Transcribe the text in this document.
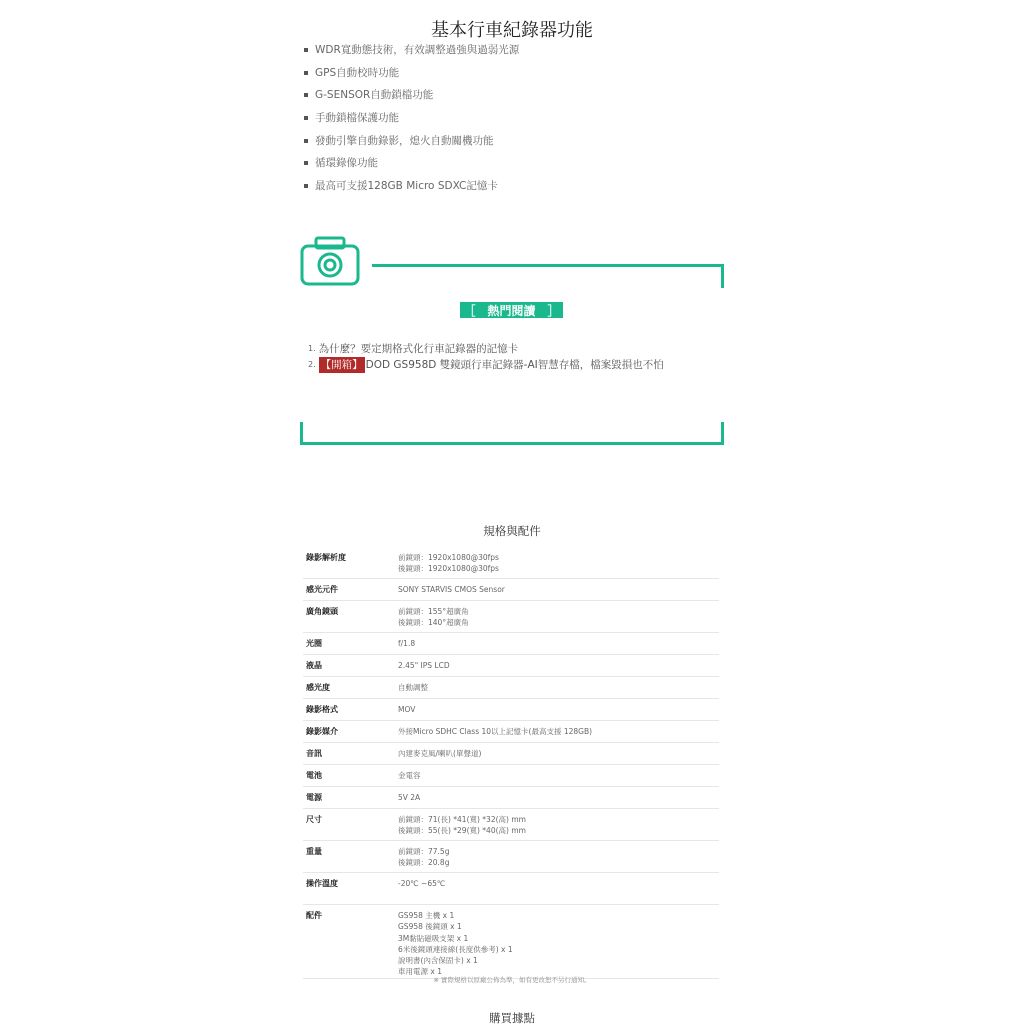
基本行車紀錄器功能
WDR寬動態技術，有效調整過強與過弱光源
GPS自動校時功能
G-SENSOR自動鎖檔功能
手動鎖檔保護功能
發動引擎自動錄影，熄火自動關機功能
循環錄像功能
最高可支援128GB Micro SDXC記憶卡
［　熱門閱讀　］
1. 為什麼？要定期格式化行車記錄器的記憶卡
2. 【開箱】 DOD GS958D 雙鏡頭行車記錄器-AI智慧存檔，檔案毀損也不怕
規格與配件
錄影解析度	前鏡頭：1920x1080@30fps
後鏡頭：1920x1080@30fps
感光元件	SONY STARVIS CMOS Sensor
廣角鏡頭	前鏡頭：155°超廣角
後鏡頭：140°超廣角
光圈	f/1.8
液晶	2.45" IPS LCD
感光度	自動調整
錄影格式	MOV
錄影媒介	外接Micro SDHC Class 10以上記憶卡(最高支援 128GB)
音訊	內建麥克風/喇叭(單聲道)
電池	金電容
電源	5V 2A
尺寸	前鏡頭：71(長) *41(寬) *32(高) mm
後鏡頭：55(長) *29(寬) *40(高) mm
重量	前鏡頭：77.5g
後鏡頭：20.8g
操作溫度	-20℃ ~65℃
配件	GS958 主機 x 1
GS958 後鏡頭 x 1
3M黏貼磁吸支架 x 1
6米後鏡頭連接線(長度供參考) x 1
說明書(內含保固卡) x 1
車用電源 x 1
※ 實際規格以原廠公佈為準，如有更改恕不另行通知。
購買據點
